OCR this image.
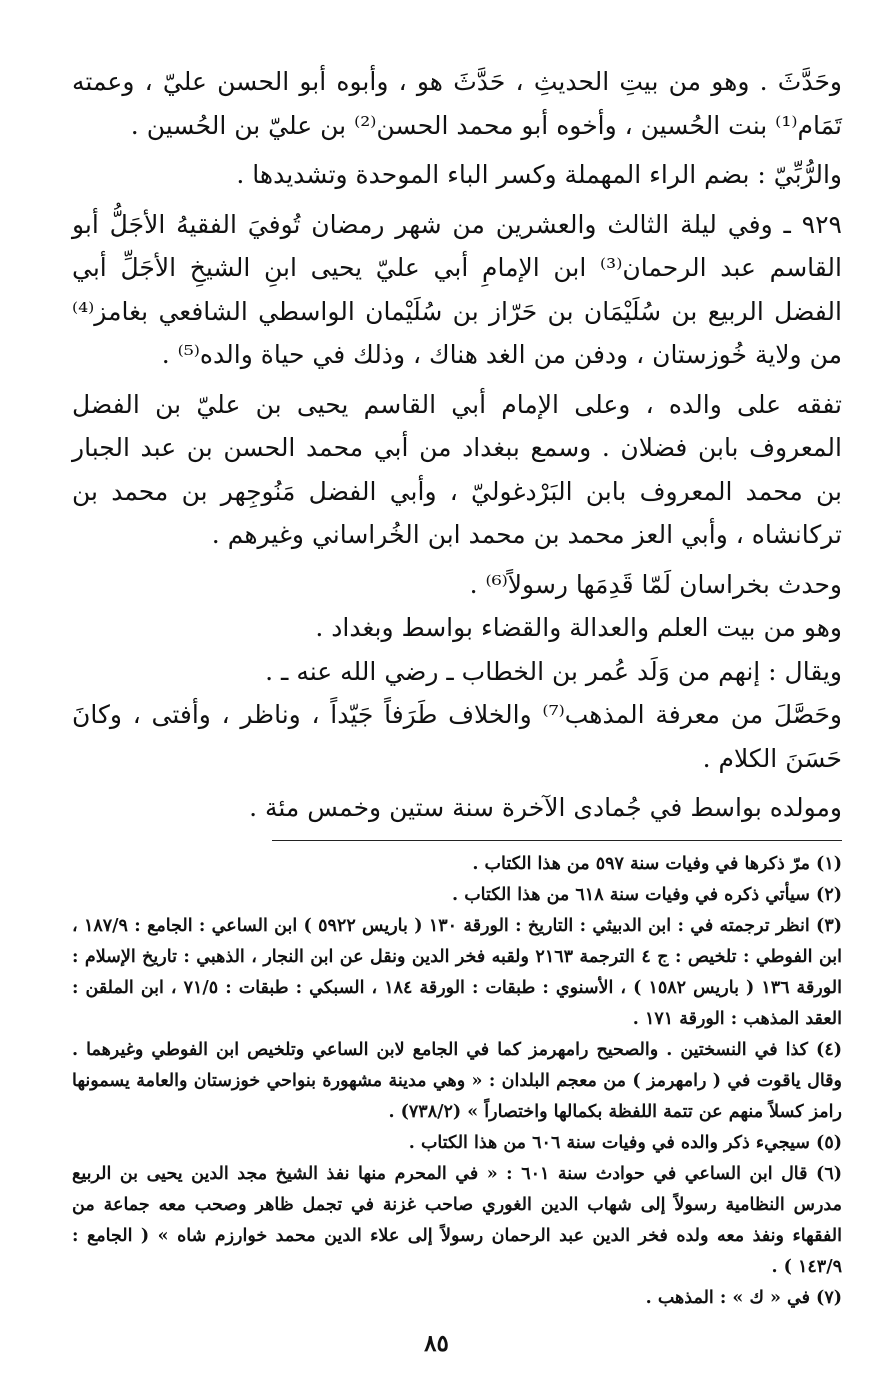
وحَدَّثَ . وهو من بيتِ الحديثِ ، حَدَّثَ هو ، وأبوه أبو الحسن عليّ ، وعمته تَمَام⁽¹⁾ بنت الحُسين ، وأخوه أبو محمد الحسن⁽²⁾ بن عليّ بن الحُسين .

والرُّبِّيّ : بضم الراء المهملة وكسر الباء الموحدة وتشديدها .

٩٢٩ ـ وفي ليلة الثالث والعشرين من شهر رمضان تُوفيَ الفقيهُ الأجَلُّ أبو القاسم عبد الرحمان⁽³⁾ ابن الإمامِ أبي عليّ يحيى ابنِ الشيخِ الأجَلِّ أبي الفضل الربيع بن سُلَيْمَان بن حَرّاز بن سُلَيْمان الواسطي الشافعي بغامز⁽⁴⁾ من ولاية خُوزستان ، ودفن من الغد هناك ، وذلك في حياة والده⁽⁵⁾ .

تفقه على والده ، وعلى الإمام أبي القاسم يحيى بن عليّ بن الفضل المعروف بابن فضلان . وسمع ببغداد من أبي محمد الحسن بن عبد الجبار بن محمد المعروف بابن البَرْدغوليّ ، وأبي الفضل مَنُوجِهر بن محمد بن تركانشاه ، وأبي العز محمد بن محمد ابن الخُراساني وغيرهم .

وحدث بخراسان لَمّا قَدِمَها رسولاً⁽⁶⁾ .

وهو من بيت العلم والعدالة والقضاء بواسط وبغداد .

ويقال : إنهم من وَلَد عُمر بن الخطاب ـ رضي الله عنه ـ .

وحَصَّلَ من معرفة المذهب⁽⁷⁾ والخلاف طَرَفاً جَيّداً ، وناظر ، وأفتى ، وكانَ حَسَنَ الكلام .

ومولده بواسط في جُمادى الآخرة سنة ستين وخمس مئة .

(١) مرّ ذكرها في وفيات سنة ٥٩٧ من هذا الكتاب .

(٢) سيأتي ذكره في وفيات سنة ٦١٨ من هذا الكتاب .

(٣) انظر ترجمته في : ابن الدبيثي : التاريخ : الورقة ١٣٠ ( باريس ٥٩٢٢ ) ابن الساعي : الجامع : ١٨٧/٩ ، ابن الفوطي : تلخيص : ج ٤ الترجمة ٢١٦٣ ولقبه فخر الدين ونقل عن ابن النجار ، الذهبي : تاريخ الإسلام : الورقة ١٣٦ ( باريس ١٥٨٢ ) ، الأسنوي : طبقات : الورقة ١٨٤ ، السبكي : طبقات : ٧١/٥ ، ابن الملقن : العقد المذهب : الورقة ١٧١ .

(٤) كذا في النسختين . والصحيح رامهرمز كما في الجامع لابن الساعي وتلخيص ابن الفوطي وغيرهما . وقال ياقوت في ( رامهرمز ) من معجم البلدان : « وهي مدينة مشهورة بنواحي خوزستان والعامة يسمونها رامز كسلاً منهم عن تتمة اللفظة بكمالها واختصاراً » (٧٣٨/٢) .

(٥) سيجيء ذكر والده في وفيات سنة ٦٠٦ من هذا الكتاب .

(٦) قال ابن الساعي في حوادث سنة ٦٠١ : « في المحرم منها نفذ الشيخ مجد الدين يحيى بن الربيع مدرس النظامية رسولاً إلى شهاب الدين الغوري صاحب غزنة في تجمل ظاهر وصحب معه جماعة من الفقهاء ونفذ معه ولده فخر الدين عبد الرحمان رسولاً إلى علاء الدين محمد خوارزم شاه » ( الجامع : ١٤٣/٩ ) .

(٧) في « ك » : المذهب .

٨٥
